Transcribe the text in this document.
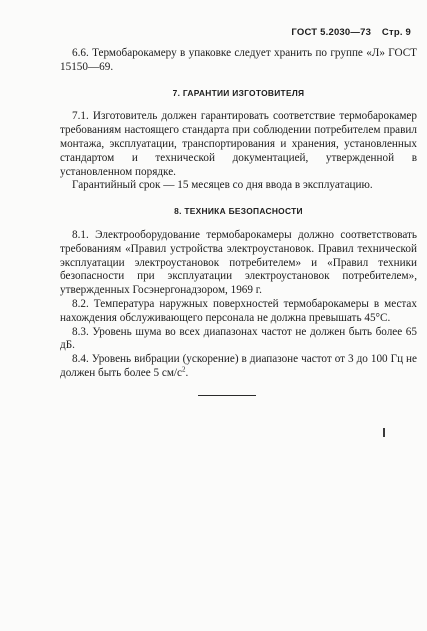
ГОСТ 5.2030—73 Стр. 9

6.6. Термобарокамеру в упаковке следует хранить по группе «Л» ГОСТ 15150—69.

7. ГАРАНТИИ ИЗГОТОВИТЕЛЯ

7.1. Изготовитель должен гарантировать соответствие термобарокамер требованиям настоящего стандарта при соблюдении потребителем правил монтажа, эксплуатации, транспортирования и хранения, установленных стандартом и технической документацией, утвержденной в установленном порядке.

Гарантийный срок — 15 месяцев со дня ввода в эксплуатацию.

8. ТЕХНИКА БЕЗОПАСНОСТИ

8.1. Электрооборудование термобарокамеры должно соответствовать требованиям «Правил устройства электроустановок. Правил технической эксплуатации электроустановок потребителем» и «Правил техники безопасности при эксплуатации электроустановок потребителем», утвержденных Госэнергонадзором, 1969 г.

8.2. Температура наружных поверхностей термобарокамеры в местах нахождения обслуживающего персонала не должна превышать 45°С.

8.3. Уровень шума во всех диапазонах частот не должен быть более 65 дБ.

8.4. Уровень вибрации (ускорение) в диапазоне частот от 3 до 100 Гц не должен быть более 5 $см/с^2$.
